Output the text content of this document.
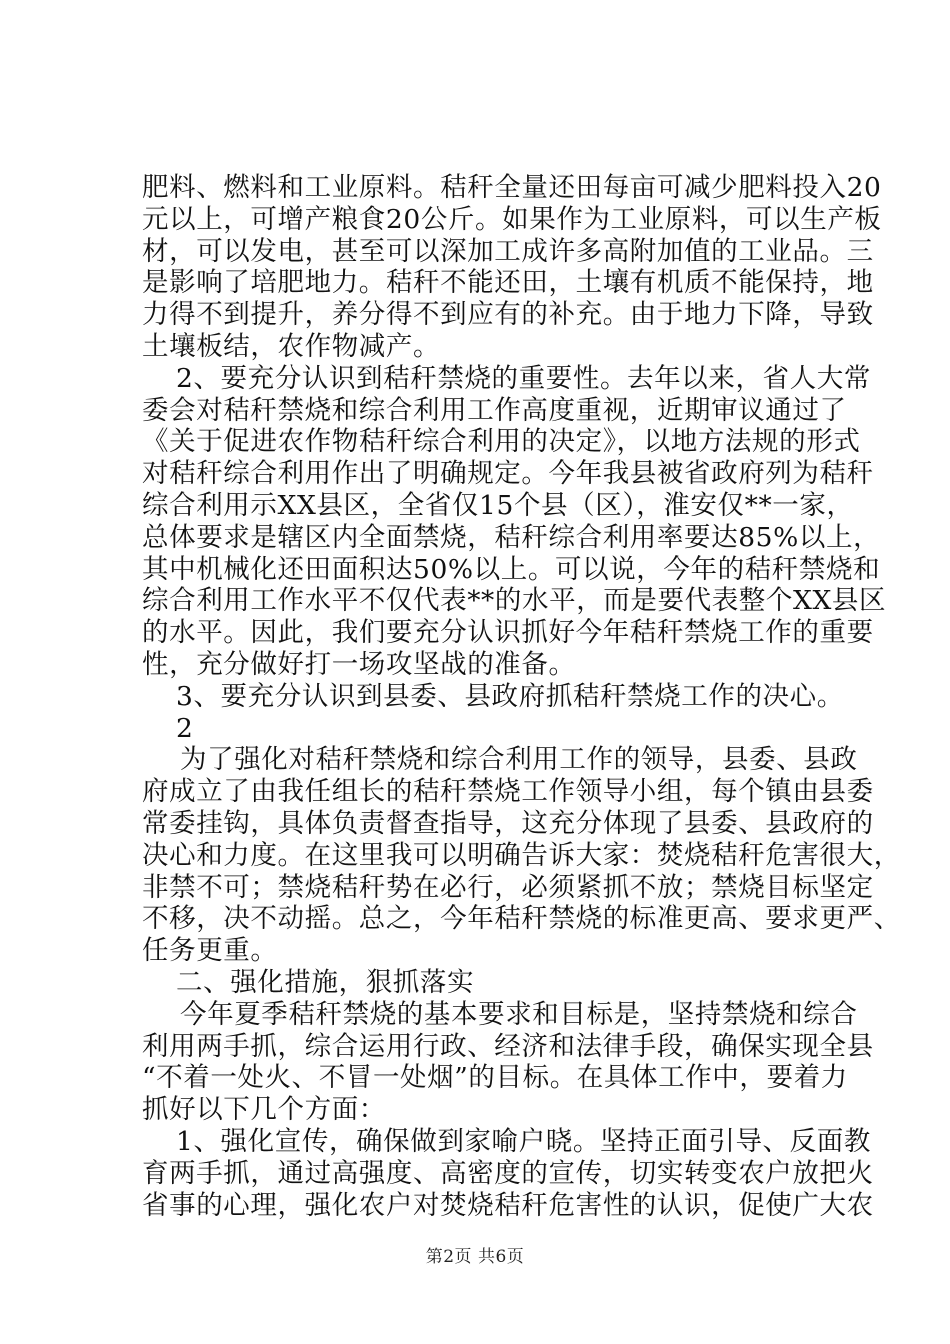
肥料、燃料和工业原料。秸秆全量还田每亩可减少肥料投入20
元以上，可增产粮食20公斤。如果作为工业原料，可以生产板
材，可以发电，甚至可以深加工成许多高附加值的工业品。三
是影响了培肥地力。秸秆不能还田，土壤有机质不能保持，地
力得不到提升，养分得不到应有的补充。由于地力下降，导致
土壤板结，农作物减产。
2、要充分认识到秸秆禁烧的重要性。去年以来，省人大常
委会对秸秆禁烧和综合利用工作高度重视，近期审议通过了
《关于促进农作物秸秆综合利用的决定》，以地方法规的形式
对秸秆综合利用作出了明确规定。今年我县被省政府列为秸秆
综合利用示XX县区，全省仅15个县（区），淮安仅**一家，
总体要求是辖区内全面禁烧，秸秆综合利用率要达85%以上，
其中机械化还田面积达50%以上。可以说，今年的秸秆禁烧和
综合利用工作水平不仅代表**的水平，而是要代表整个XX县区
的水平。因此，我们要充分认识抓好今年秸秆禁烧工作的重要
性，充分做好打一场攻坚战的准备。
3、要充分认识到县委、县政府抓秸秆禁烧工作的决心。
2
为了强化对秸秆禁烧和综合利用工作的领导，县委、县政
府成立了由我任组长的秸秆禁烧工作领导小组，每个镇由县委
常委挂钩，具体负责督查指导，这充分体现了县委、县政府的
决心和力度。在这里我可以明确告诉大家：焚烧秸秆危害很大，
非禁不可；禁烧秸秆势在必行，必须紧抓不放；禁烧目标坚定
不移，决不动摇。总之，今年秸秆禁烧的标准更高、要求更严、
任务更重。
二、强化措施，狠抓落实
今年夏季秸秆禁烧的基本要求和目标是，坚持禁烧和综合
利用两手抓，综合运用行政、经济和法律手段，确保实现全县
“不着一处火、不冒一处烟”的目标。在具体工作中，要着力
抓好以下几个方面：
1、强化宣传，确保做到家喻户晓。坚持正面引导、反面教
育两手抓，通过高强度、高密度的宣传，切实转变农户放把火
省事的心理，强化农户对焚烧秸秆危害性的认识，促使广大农
第2页 共6页
